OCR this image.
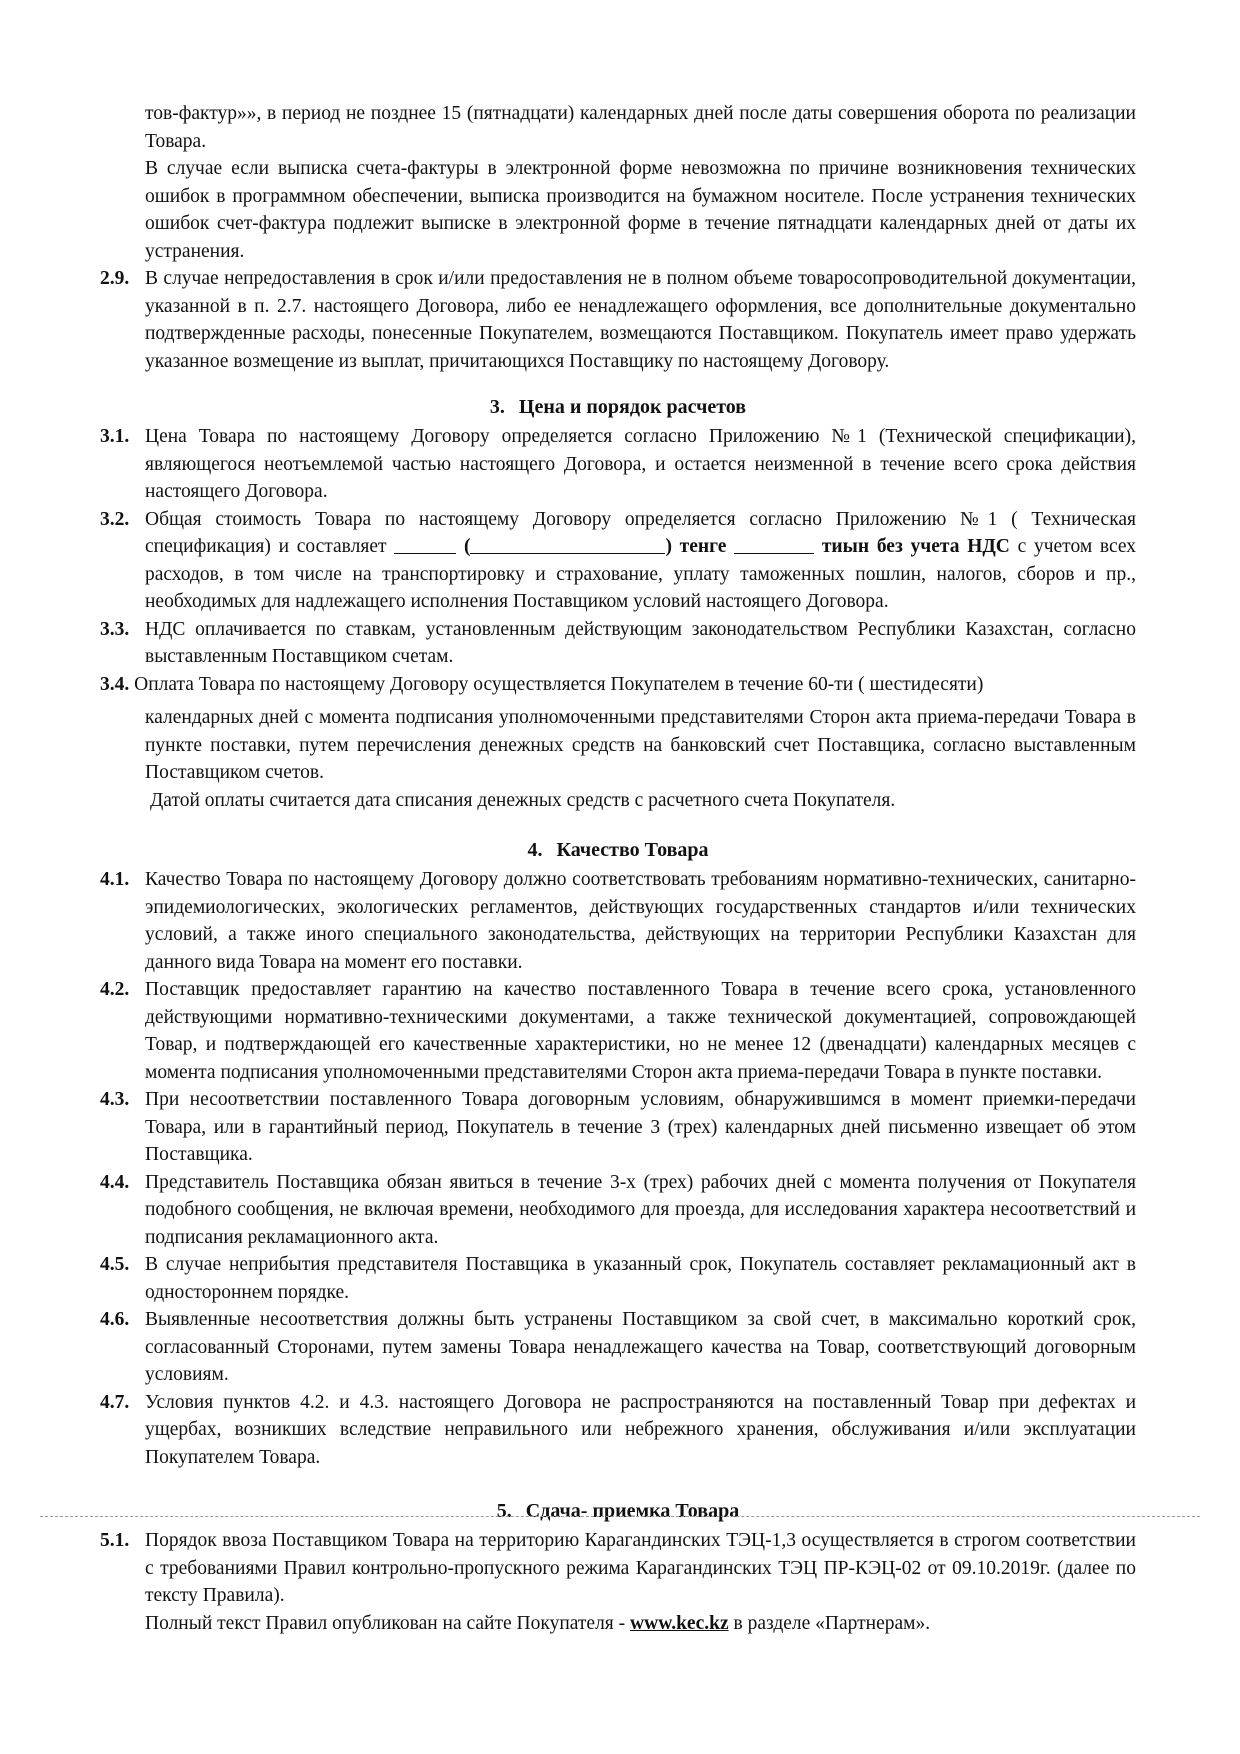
тов-фактур»», в период не позднее 15 (пятнадцати) календарных дней после даты совершения оборота по реализации Товара.

В случае если выписка счета-фактуры в электронной форме невозможна по причине возникновения технических ошибок в программном обеспечении, выписка производится на бумажном носителе. После устранения технических ошибок счет-фактура подлежит выписке в электронной форме в течение пятнадцати календарных дней от даты их устранения.

2.9. В случае непредоставления в срок и/или предоставления не в полном объеме товаросопроводительной документации, указанной в п. 2.7. настоящего Договора, либо ее ненадлежащего оформления, все дополнительные документально подтвержденные расходы, понесенные Покупателем, возмещаются Поставщиком. Покупатель имеет право удержать указанное возмещение из выплат, причитающихся Поставщику по настоящему Договору.
3. Цена и порядок расчетов
3.1. Цена Товара по настоящему Договору определяется согласно Приложению №1 (Технической спецификации), являющегося неотъемлемой частью настоящего Договора, и остается неизменной в течение всего срока действия настоящего Договора.
3.2. Общая стоимость Товара по настоящему Договору определяется согласно Приложению №1 ( Техническая спецификация) и составляет	(	) тенге	тиын без учета НДС с учетом всех расходов, в том числе на транспортировку и страхование, уплату таможенных пошлин, налогов, сборов и пр., необходимых для надлежащего исполнения Поставщиком условий настоящего Договора.
3.3. НДС оплачивается по ставкам, установленным действующим законодательством Республики Казахстан, согласно выставленным Поставщиком счетам.

3.4. Оплата Товара по настоящему Договору осуществляется Покупателем в течение 60-ти ( шестидесяти)

календарных дней с момента подписания уполномоченными представителями Сторон акта приема-передачи Товара в пункте поставки, путем перечисления денежных средств на банковский счет Поставщика, согласно выставленным Поставщиком счетов.

Датой оплаты считается дата списания денежных средств с расчетного счета Покупателя.

4. Качество Товара
4.1. Качество Товара по настоящему Договору должно соответствовать требованиям нормативно-технических, санитарно-эпидемиологических, экологических регламентов, действующих государственных стандартов и/или технических условий, а также иного специального законодательства, действующих на территории Республики Казахстан для данного вида Товара на момент его поставки.
4.2. Поставщик предоставляет гарантию на качество поставленного Товара в течение всего срока, установленного действующими нормативно-техническими документами, а также технической документацией, сопровождающей Товар, и подтверждающей его качественные характеристики, но не менее 12 (двенадцати) календарных месяцев с момента подписания уполномоченными представителями Сторон акта приема-передачи Товара в пункте поставки.
4.3. При несоответствии поставленного Товара договорным условиям, обнаружившимся в момент приемки-передачи Товара, или в гарантийный период, Покупатель в течение 3 (трех) календарных дней письменно извещает об этом Поставщика.
4.4. Представитель Поставщика обязан явиться в течение 3-х (трех) рабочих дней с момента получения от Покупателя подобного сообщения, не включая времени, необходимого для проезда, для исследования характера несоответствий и подписания рекламационного акта.
4.5. В случае неприбытия представителя Поставщика в указанный срок, Покупатель составляет рекламационный акт в одностороннем порядке.
4.6. Выявленные несоответствия должны быть устранены Поставщиком за свой счет, в максимально короткий срок, согласованный Сторонами, путем замены Товара ненадлежащего качества на Товар, соответствующий договорным условиям.
4.7. Условия пунктов 4.2. и 4.3. настоящего Договора не распространяются на поставленный Товар при дефектах и ущербах, возникших вследствие неправильного или небрежного хранения, обслуживания и/или эксплуатации Покупателем Товара.
5. Сдача- приемка Товара
5.1. Порядок ввоза Поставщиком Товара на территорию Карагандинских ТЭЦ-1,3 осуществляется в строгом соответствии с требованиями Правил контрольно-пропускного режима Карагандинских ТЭЦ ПР-КЭЦ-02 от 09.10.2019г. (далее по тексту Правила).

Полный текст Правил опубликован на сайте Покупателя - www.kec.kz в разделе «Партнерам».
